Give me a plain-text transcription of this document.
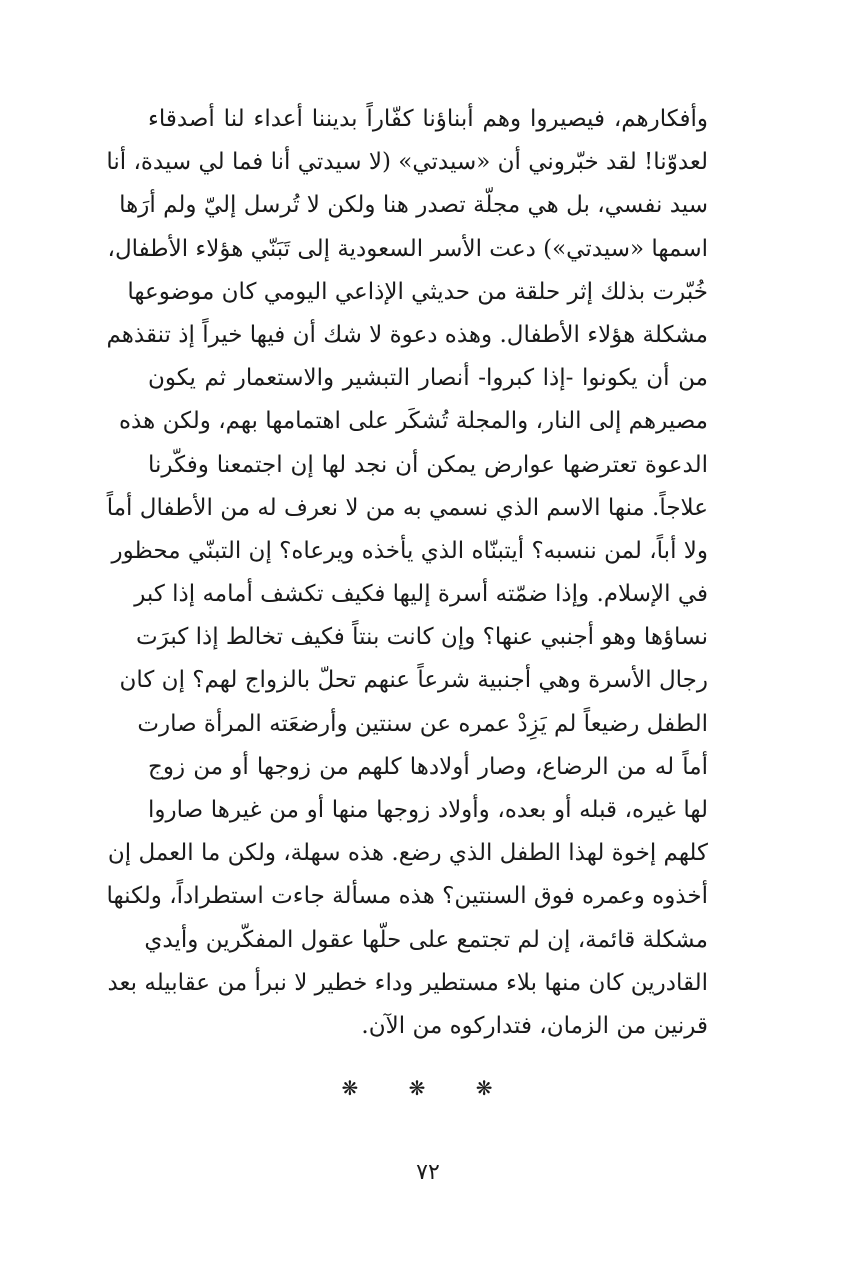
وأفكارهم، فيصيروا وهم أبناؤنا كفّاراً بديننا أعداء لنا أصدقاء
لعدوّنا! لقد خبّروني أن «سيدتي» (لا سيدتي أنا فما لي سيدة، أنا
سيد نفسي، بل هي مجلّة تصدر هنا ولكن لا تُرسل إليّ ولم أرَها
اسمها «سيدتي») دعت الأسر السعودية إلى تَبَنّي هؤلاء الأطفال،
خُبّرت بذلك إثر حلقة من حديثي الإذاعي اليومي كان موضوعها
مشكلة هؤلاء الأطفال. وهذه دعوة لا شك أن فيها خيراً إذ تنقذهم
من أن يكونوا -إذا كبروا- أنصار التبشير والاستعمار ثم يكون
مصيرهم إلى النار، والمجلة تُشكَر على اهتمامها بهم، ولكن هذه
الدعوة تعترضها عوارض يمكن أن نجد لها إن اجتمعنا وفكّرنا
علاجاً. منها الاسم الذي نسمي به من لا نعرف له من الأطفال أماً
ولا أباً، لمن ننسبه؟ أيتبنّاه الذي يأخذه ويرعاه؟ إن التبنّي محظور
في الإسلام. وإذا ضمّته أسرة إليها فكيف تكشف أمامه إذا كبر
نساؤها وهو أجنبي عنها؟ وإن كانت بنتاً فكيف تخالط إذا كبرَت
رجال الأسرة وهي أجنبية شرعاً عنهم تحلّ بالزواج لهم؟ إن كان
الطفل رضيعاً لم يَزِدْ عمره عن سنتين وأرضعَته المرأة صارت
أماً له من الرضاع، وصار أولادها كلهم من زوجها أو من زوج
لها غيره، قبله أو بعده، وأولاد زوجها منها أو من غيرها صاروا
كلهم إخوة لهذا الطفل الذي رضع. هذه سهلة، ولكن ما العمل إن
أخذوه وعمره فوق السنتين؟ هذه مسألة جاءت استطراداً، ولكنها
مشكلة قائمة، إن لم تجتمع على حلّها عقول المفكّرين وأيدي
القادرين كان منها بلاء مستطير وداء خطير لا نبرأ من عقابيله بعد
قرنين من الزمان، فتداركوه من الآن.
❋ ❋ ❋
٧٢
